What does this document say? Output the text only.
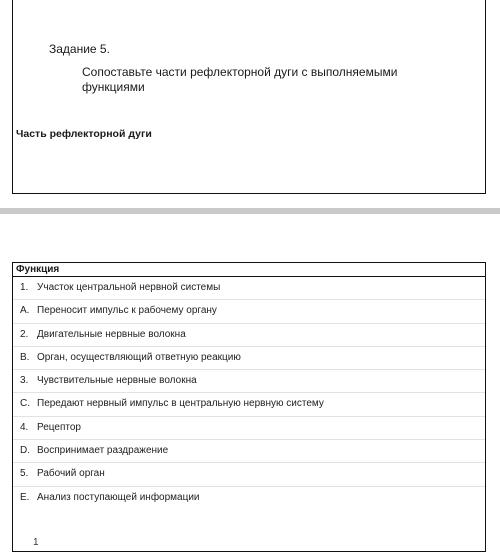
Задание 5.
Сопоставьте части рефлекторной дуги с выполняемыми функциями
Часть рефлекторной дуги
Функция
1. Участок центральной нервной системы
A. Переносит импульс к рабочему органу
2. Двигательные нервные волокна
B. Орган, осуществляющий ответную реакцию
3. Чувствительные нервные волокна
C. Передают нервный импульс в центральную нервную систему
4. Рецептор
D. Воспринимает раздражение
5. Рабочий орган
E. Анализ поступающей информации
1
